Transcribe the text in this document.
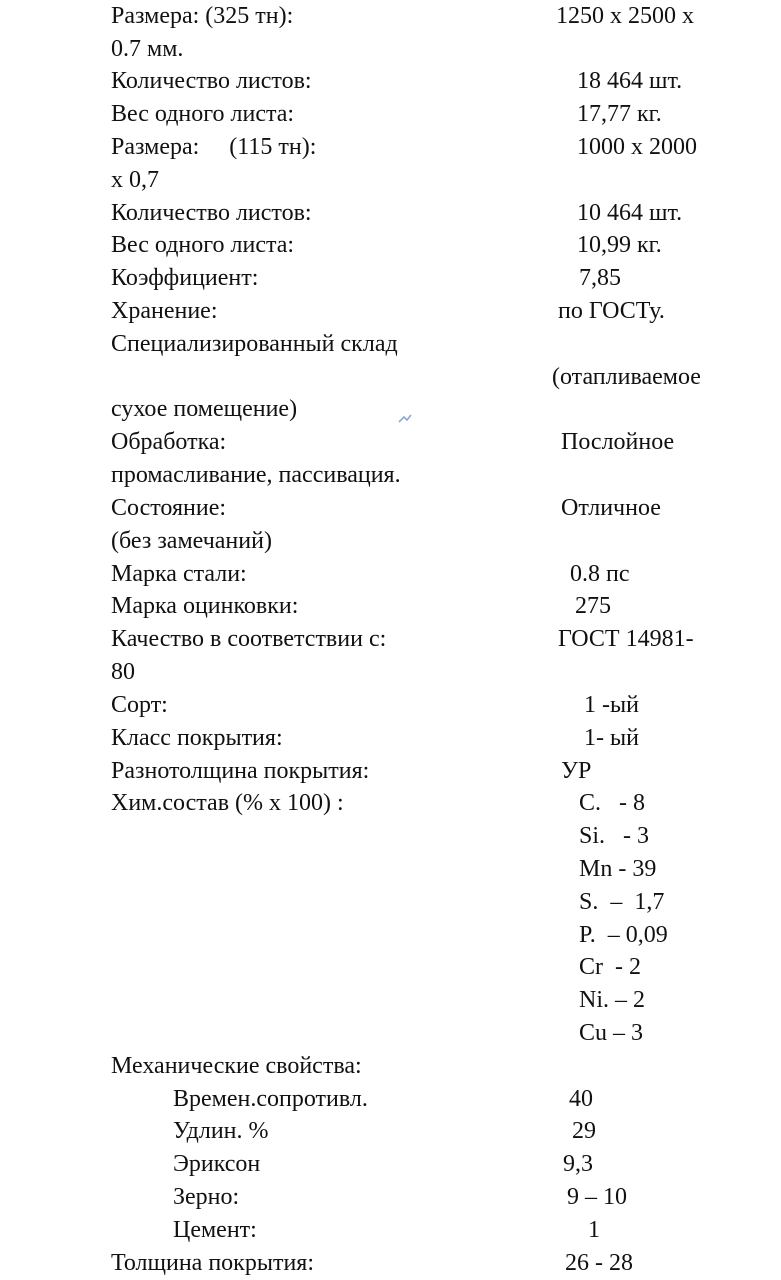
Размера: (325 тн):	1250 х 2500 х
0.7 мм.
Количество листов:	18 464 шт.
Вес одного листа:	17,77 кг.
Размера:     (115 тн):	1000 х 2000
х 0,7
Количество листов:	10 464 шт.
Вес одного листа:	10,99 кг.
Коэффициент:	7,85
Хранение:	по ГОСТу.
Специализированный склад
(отапливаемое
сухое помещение)
Обработка:	Послойное
промасливание, пассивация.
Состояние:	Отличное
(без замечаний)
Марка стали:	0.8 пс
Марка оцинковки:	275
Качество в соответствии с:	ГОСТ 14981-
80
Сорт:	1 -ый
Класс покрытия:	1- ый
Разнотолщина покрытия:	УР
Хим.состав (% х 100) :	C.   - 8
Si.   - 3
Mn - 39
S.  –  1,7
P.  – 0,09
Cr  - 2
Ni. – 2
Cu – 3
Механические свойства:
Времен.сопротивл.	40
Удлин. %	29
Эриксон	9,3
Зерно:	9 – 10
Цемент:	1
Толщина покрытия:	26 - 28
